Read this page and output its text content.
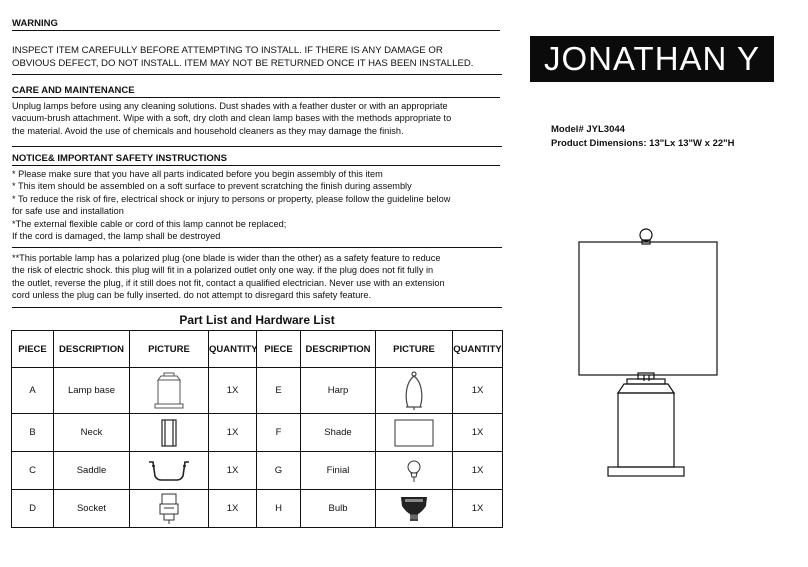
WARNING

INSPECT ITEM CAREFULLY BEFORE ATTEMPTING TO INSTALL. IF THERE IS ANY DAMAGE OR

OBVIOUS DEFECT, DO NOT INSTALL. ITEM MAY NOT BE RETURNED ONCE IT HAS BEEN INSTALLED.

CARE AND MAINTENANCE

Unplug lamps before using any cleaning solutions. Dust shades with a feather duster or with an appropriate

vacuum-brush attachment. Wipe with a soft, dry cloth and clean lamp bases with the methods appropriate to

the material. Avoid the use of chemicals and household cleaners as they may damage the finish.

NOTICE& IMPORTANT SAFETY INSTRUCTIONS

* Please make sure that you have all parts indicated before you begin assembly of this item

* This item should be assembled on a soft surface to prevent scratching the finish during assembly

* To reduce the risk of fire, electrical shock or injury to persons or property, please follow the guideline below

for safe use and installation

*The external flexible cable or cord of this lamp cannot be replaced;

If the cord is damaged, the lamp shall be destroyed

**This portable lamp has a polarized plug (one blade is wider than the other) as a safety feature to reduce

the risk of electric shock. this plug will fit in a polarized outlet only one way. if the plug does not fit fully in

the outlet, reverse the plug, if it still does not fit, contact a qualified electrician. Never use with an extension

cord unless the plug can be fully inserted. do not attempt to disregard this safety feature.

JONATHAN Y
Model# JYL3044
Product Dimensions: 13"Lx 13"W x 22"H
Part List and Hardware List
PIECE	DESCRIPTION	PICTURE	QUANTITY	PIECE	DESCRIPTION	PICTURE	QUANTITY
A	Lamp base		1X	E	Harp		1X
B	Neck		1X	F	Shade		1X
C	Saddle		1X	G	Finial		1X
D	Socket		1X	H	Bulb		1X
